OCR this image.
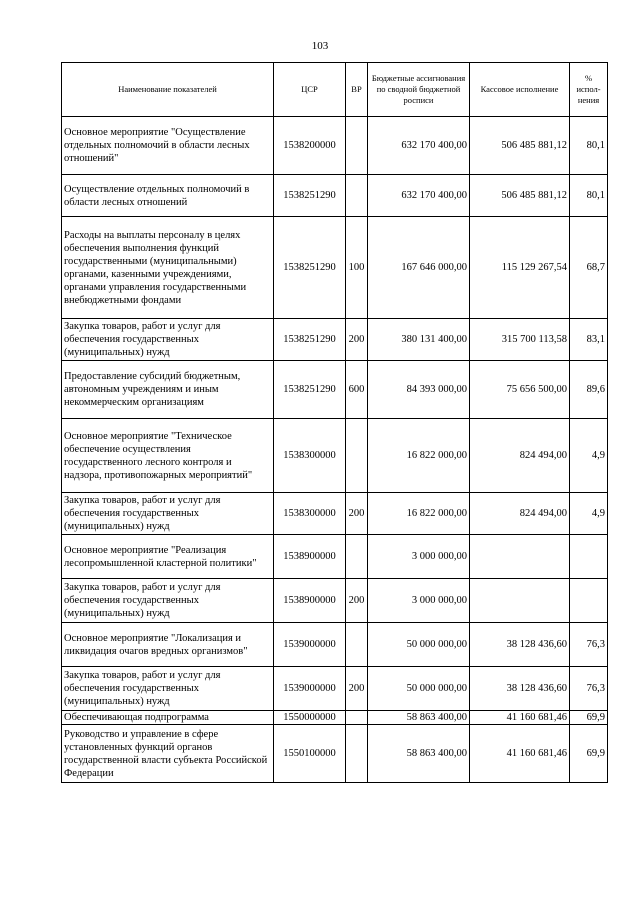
103
Наименование показателей	ЦСР	ВР	Бюджетные ассигнования по сводной бюджетной росписи	Кассовое исполнение	% испол-нения
Основное мероприятие "Осуществление отдельных полномочий в области лесных отношений"	1538200000		632 170 400,00	506 485 881,12	80,1
Осуществление отдельных полномочий в области лесных отношений	1538251290		632 170 400,00	506 485 881,12	80,1
Расходы на выплаты персоналу в целях обеспечения выполнения функций государственными (муниципальными) органами, казенными учреждениями, органами управления государственными внебюджетными фондами	1538251290	100	167 646 000,00	115 129 267,54	68,7
Закупка товаров, работ и услуг для обеспечения государственных (муниципальных) нужд	1538251290	200	380 131 400,00	315 700 113,58	83,1
Предоставление субсидий бюджетным, автономным учреждениям и иным некоммерческим организациям	1538251290	600	84 393 000,00	75 656 500,00	89,6
Основное мероприятие "Техническое обеспечение осуществления государственного лесного контроля и надзора, противопожарных мероприятий"	1538300000		16 822 000,00	824 494,00	4,9
Закупка товаров, работ и услуг для обеспечения государственных (муниципальных) нужд	1538300000	200	16 822 000,00	824 494,00	4,9
Основное мероприятие "Реализация лесопромышленной кластерной политики"	1538900000		3 000 000,00		
Закупка товаров, работ и услуг для обеспечения государственных (муниципальных) нужд	1538900000	200	3 000 000,00		
Основное мероприятие "Локализация и ликвидация очагов вредных организмов"	1539000000		50 000 000,00	38 128 436,60	76,3
Закупка товаров, работ и услуг для обеспечения государственных (муниципальных) нужд	1539000000	200	50 000 000,00	38 128 436,60	76,3
Обеспечивающая подпрограмма	1550000000		58 863 400,00	41 160 681,46	69,9
Руководство и управление в сфере установленных функций органов государственной власти субъекта Российской Федерации	1550100000		58 863 400,00	41 160 681,46	69,9
